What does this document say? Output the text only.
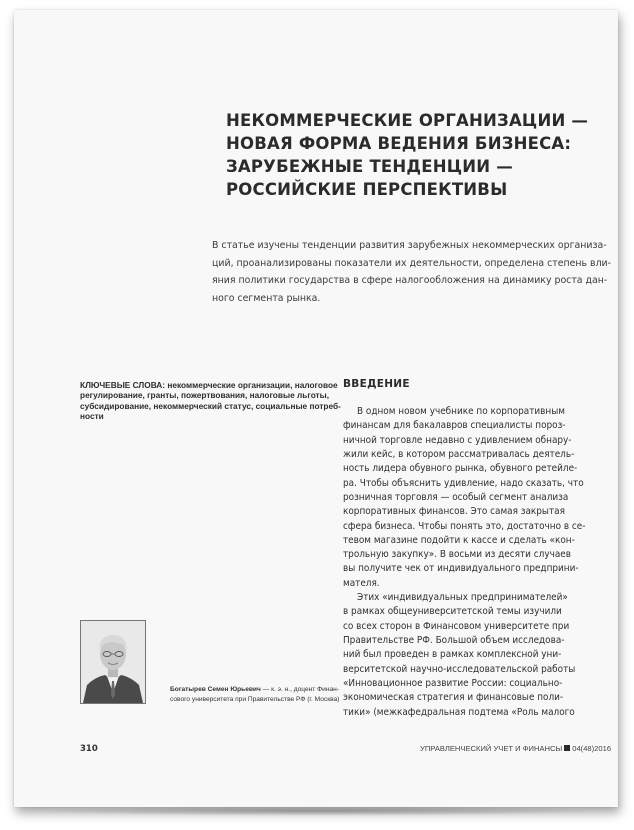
НЕКОММЕРЧЕСКИЕ ОРГАНИЗАЦИИ —
НОВАЯ ФОРМА ВЕДЕНИЯ БИЗНЕСА:
ЗАРУБЕЖНЫЕ ТЕНДЕНЦИИ —
РОССИЙСКИЕ ПЕРСПЕКТИВЫ
В статье изучены тенденции развития зарубежных некоммерческих организа-
ций, проанализированы показатели их деятельности, определена степень вли-
яния политики государства в сфере налогообложения на динамику роста дан-
ного сегмента рынка.
КЛЮЧЕВЫЕ СЛОВА: некоммерческие организации, налоговое
регулирование, гранты, пожертвования, налоговые льготы,
субсидирование, некоммерческий статус, социальные потреб-
ности
ВВЕДЕНИЕ
В одном новом учебнике по корпоративным
финансам для бакалавров специалисты пороз-
ничной торговле недавно с удивлением обнару-
жили кейс, в котором рассматривалась деятель-
ность лидера обувного рынка, обувного ретейле-
ра. Чтобы объяснить удивление, надо сказать, что
розничная торговля — особый сегмент анализа
корпоративных финансов. Это самая закрытая
сфера бизнеса. Чтобы понять это, достаточно в се-
тевом магазине подойти к кассе и сделать «кон-
трольную закупку». В восьми из десяти случаев
вы получите чек от индивидуального предприни-
мателя.
Этих «индивидуальных предпринимателей»
в рамках общеуниверситетской темы изучили
со всех сторон в Финансовом университете при
Правительстве РФ. Большой объем исследова-
ний был проведен в рамках комплексной уни-
верситетской научно-исследовательской работы
«Инновационное развитие России: социально-
экономическая стратегия и финансовые поли-
тики» (межкафедральная подтема «Роль малого
Богатырев Семен Юрьевич — к. э. н., доцент Финан-
сового университета при Правительстве РФ (г. Москва)
310	УПРАВЛЕНЧЕСКИЙ УЧЕТ И ФИНАНСЫ 04(48)2016
